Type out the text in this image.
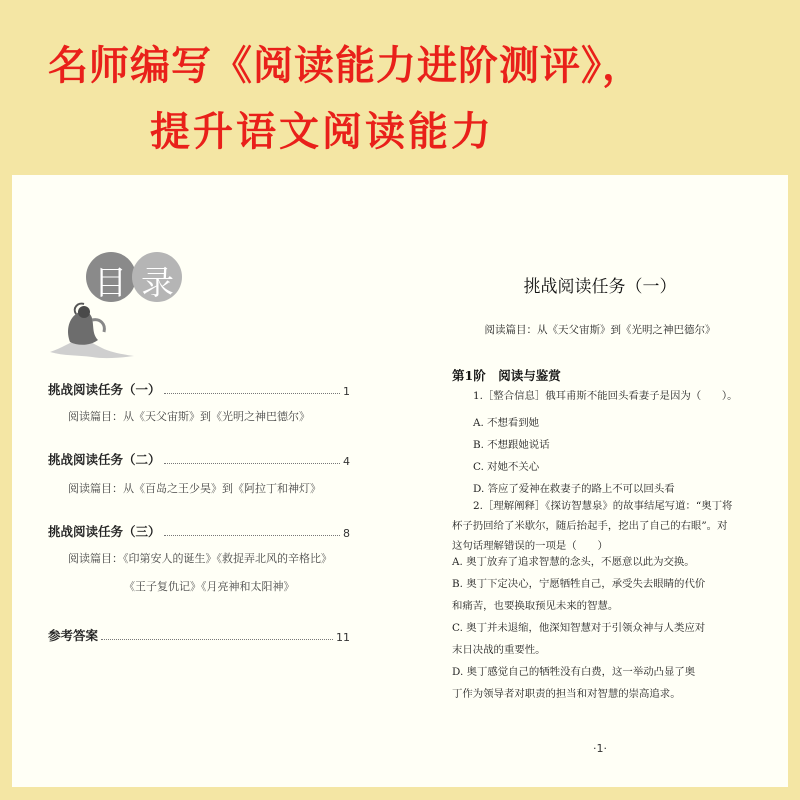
名师编写《阅读能力进阶测评》，
提升语文阅读能力
目 录
挑战阅读任务（一）	1
阅读篇目：从《天父宙斯》到《光明之神巴德尔》
挑战阅读任务（二）	4
阅读篇目：从《百岛之王少昊》到《阿拉丁和神灯》
挑战阅读任务（三）	8
阅读篇目：《印第安人的诞生》《救捉弄北风的辛格比》
《王子复仇记》《月亮神和太阳神》
参考答案	11
挑战阅读任务（一）
阅读篇目：从《天父宙斯》到《光明之神巴德尔》
第1阶　阅读与鉴赏
1.［整合信息］俄耳甫斯不能回头看妻子是因为（　　）。
A. 不想看到她
B. 不想跟她说话
C. 对她不关心
D. 答应了爱神在救妻子的路上不可以回头看
2.［理解阐释］《探访智慧泉》的故事结尾写道：“奥丁将
杯子扔回给了米歇尔，随后抬起手，挖出了自己的右眼”。对
这句话理解错误的一项是（　　）
A. 奥丁放弃了追求智慧的念头，不愿意以此为交换。
B. 奥丁下定决心，宁愿牺牲自己，承受失去眼睛的代价
和痛苦，也要换取预见未来的智慧。
C. 奥丁并未退缩，他深知智慧对于引领众神与人类应对
末日决战的重要性。
D. 奥丁感觉自己的牺牲没有白费，这一举动凸显了奥
丁作为领导者对职责的担当和对智慧的崇高追求。
·1·
